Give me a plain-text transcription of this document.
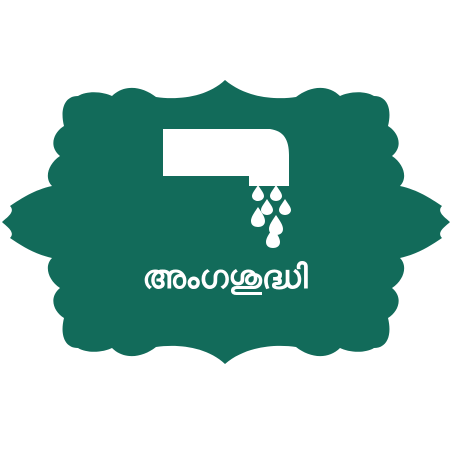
അംഗശുദ്ധി
